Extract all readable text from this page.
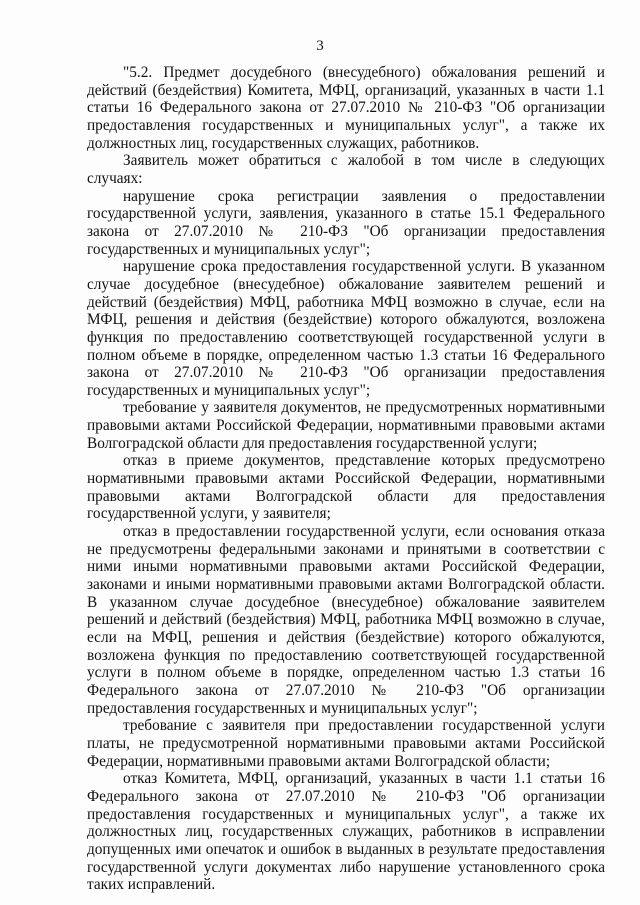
3

"5.2. Предмет досудебного (внесудебного) обжалования решений и действий (бездействия) Комитета, МФЦ, организаций, указанных в части 1.1 статьи 16 Федерального закона от 27.07.2010 № 210-ФЗ "Об организации предоставления государственных и муниципальных услуг", а также их должностных лиц, государственных служащих, работников.

Заявитель может обратиться с жалобой в том числе в следующих случаях:

нарушение срока регистрации заявления о предоставлении государственной услуги, заявления, указанного в статье 15.1 Федерального закона от 27.07.2010 № 210-ФЗ "Об организации предоставления государственных и муниципальных услуг";

нарушение срока предоставления государственной услуги. В указанном случае досудебное (внесудебное) обжалование заявителем решений и действий (бездействия) МФЦ, работника МФЦ возможно в случае, если на МФЦ, решения и действия (бездействие) которого обжалуются, возложена функция по предоставлению соответствующей государственной услуги в полном объеме в порядке, определенном частью 1.3 статьи 16 Федерального закона от 27.07.2010 № 210-ФЗ "Об организации предоставления государственных и муниципальных услуг";

требование у заявителя документов, не предусмотренных нормативными правовыми актами Российской Федерации, нормативными правовыми актами Волгоградской области для предоставления государственной услуги;

отказ в приеме документов, представление которых предусмотрено нормативными правовыми актами Российской Федерации, нормативными правовыми актами Волгоградской области для предоставления государственной услуги, у заявителя;

отказ в предоставлении государственной услуги, если основания отказа не предусмотрены федеральными законами и принятыми в соответствии с ними иными нормативными правовыми актами Российской Федерации, законами и иными нормативными правовыми актами Волгоградской области. В указанном случае досудебное (внесудебное) обжалование заявителем решений и действий (бездействия) МФЦ, работника МФЦ возможно в случае, если на МФЦ, решения и действия (бездействие) которого обжалуются, возложена функция по предоставлению соответствующей государственной услуги в полном объеме в порядке, определенном частью 1.3 статьи 16 Федерального закона от 27.07.2010 № 210-ФЗ "Об организации предоставления государственных и муниципальных услуг";

требование с заявителя при предоставлении государственной услуги платы, не предусмотренной нормативными правовыми актами Российской Федерации, нормативными правовыми актами Волгоградской области;

отказ Комитета, МФЦ, организаций, указанных в части 1.1 статьи 16 Федерального закона от 27.07.2010 № 210-ФЗ "Об организации предоставления государственных и муниципальных услуг", а также их должностных лиц, государственных служащих, работников в исправлении допущенных ими опечаток и ошибок в выданных в результате предоставления государственной услуги документах либо нарушение установленного срока таких исправлений.
